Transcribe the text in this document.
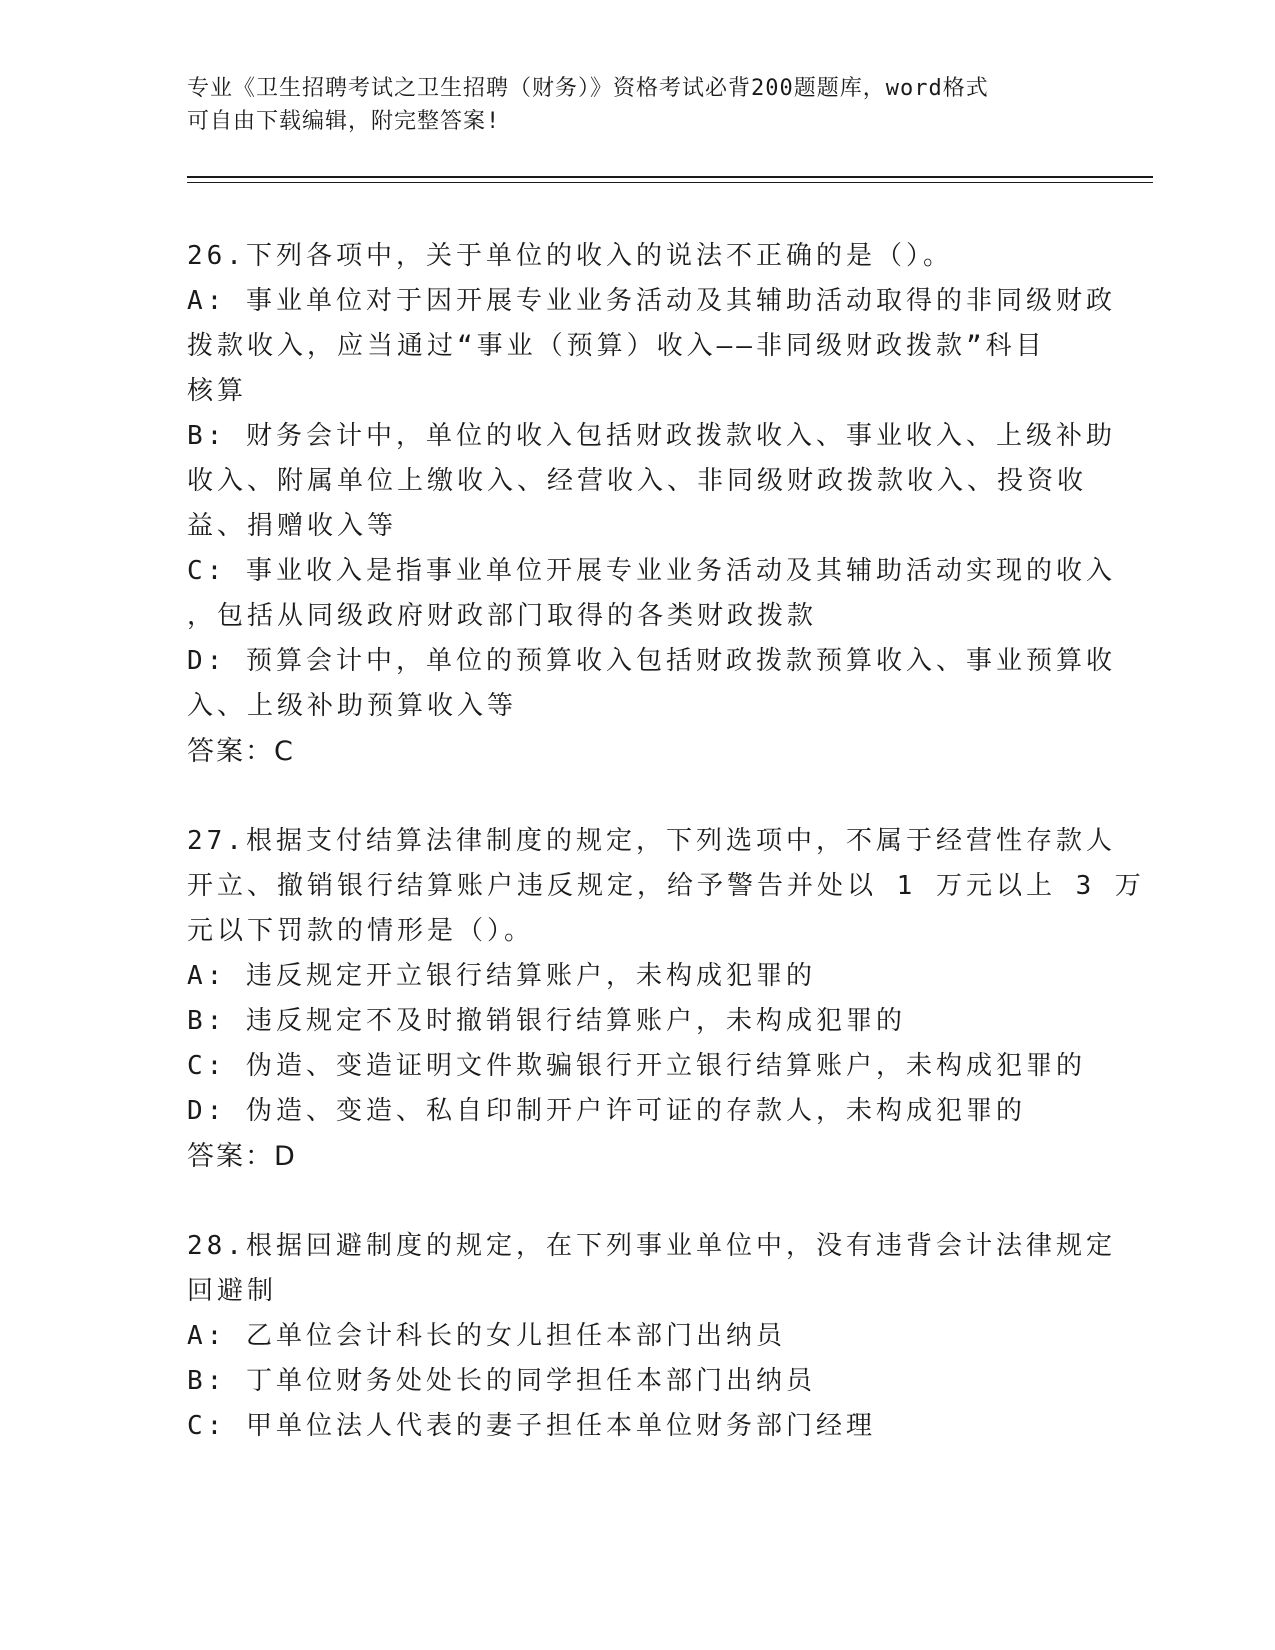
专业《卫生招聘考试之卫生招聘（财务）》资格考试必背200题题库，word格式
可自由下载编辑，附完整答案!
26.下列各项中，关于单位的收入的说法不正确的是（）。
A: 事业单位对于因开展专业业务活动及其辅助活动取得的非同级财政
拨款收入，应当通过“事业（预算）收入——非同级财政拨款”科目
核算
B: 财务会计中，单位的收入包括财政拨款收入、事业收入、上级补助
收入、附属单位上缴收入、经营收入、非同级财政拨款收入、投资收
益、捐赠收入等
C: 事业收入是指事业单位开展专业业务活动及其辅助活动实现的收入
，包括从同级政府财政部门取得的各类财政拨款
D: 预算会计中，单位的预算收入包括财政拨款预算收入、事业预算收
入、上级补助预算收入等
答案：C
27.根据支付结算法律制度的规定，下列选项中，不属于经营性存款人
开立、撤销银行结算账户违反规定，给予警告并处以 1 万元以上 3 万
元以下罚款的情形是（）。
A: 违反规定开立银行结算账户，未构成犯罪的
B: 违反规定不及时撤销银行结算账户，未构成犯罪的
C: 伪造、变造证明文件欺骗银行开立银行结算账户，未构成犯罪的
D: 伪造、变造、私自印制开户许可证的存款人，未构成犯罪的
答案：D
28.根据回避制度的规定，在下列事业单位中，没有违背会计法律规定
回避制
A: 乙单位会计科长的女儿担任本部门出纳员
B: 丁单位财务处处长的同学担任本部门出纳员
C: 甲单位法人代表的妻子担任本单位财务部门经理
